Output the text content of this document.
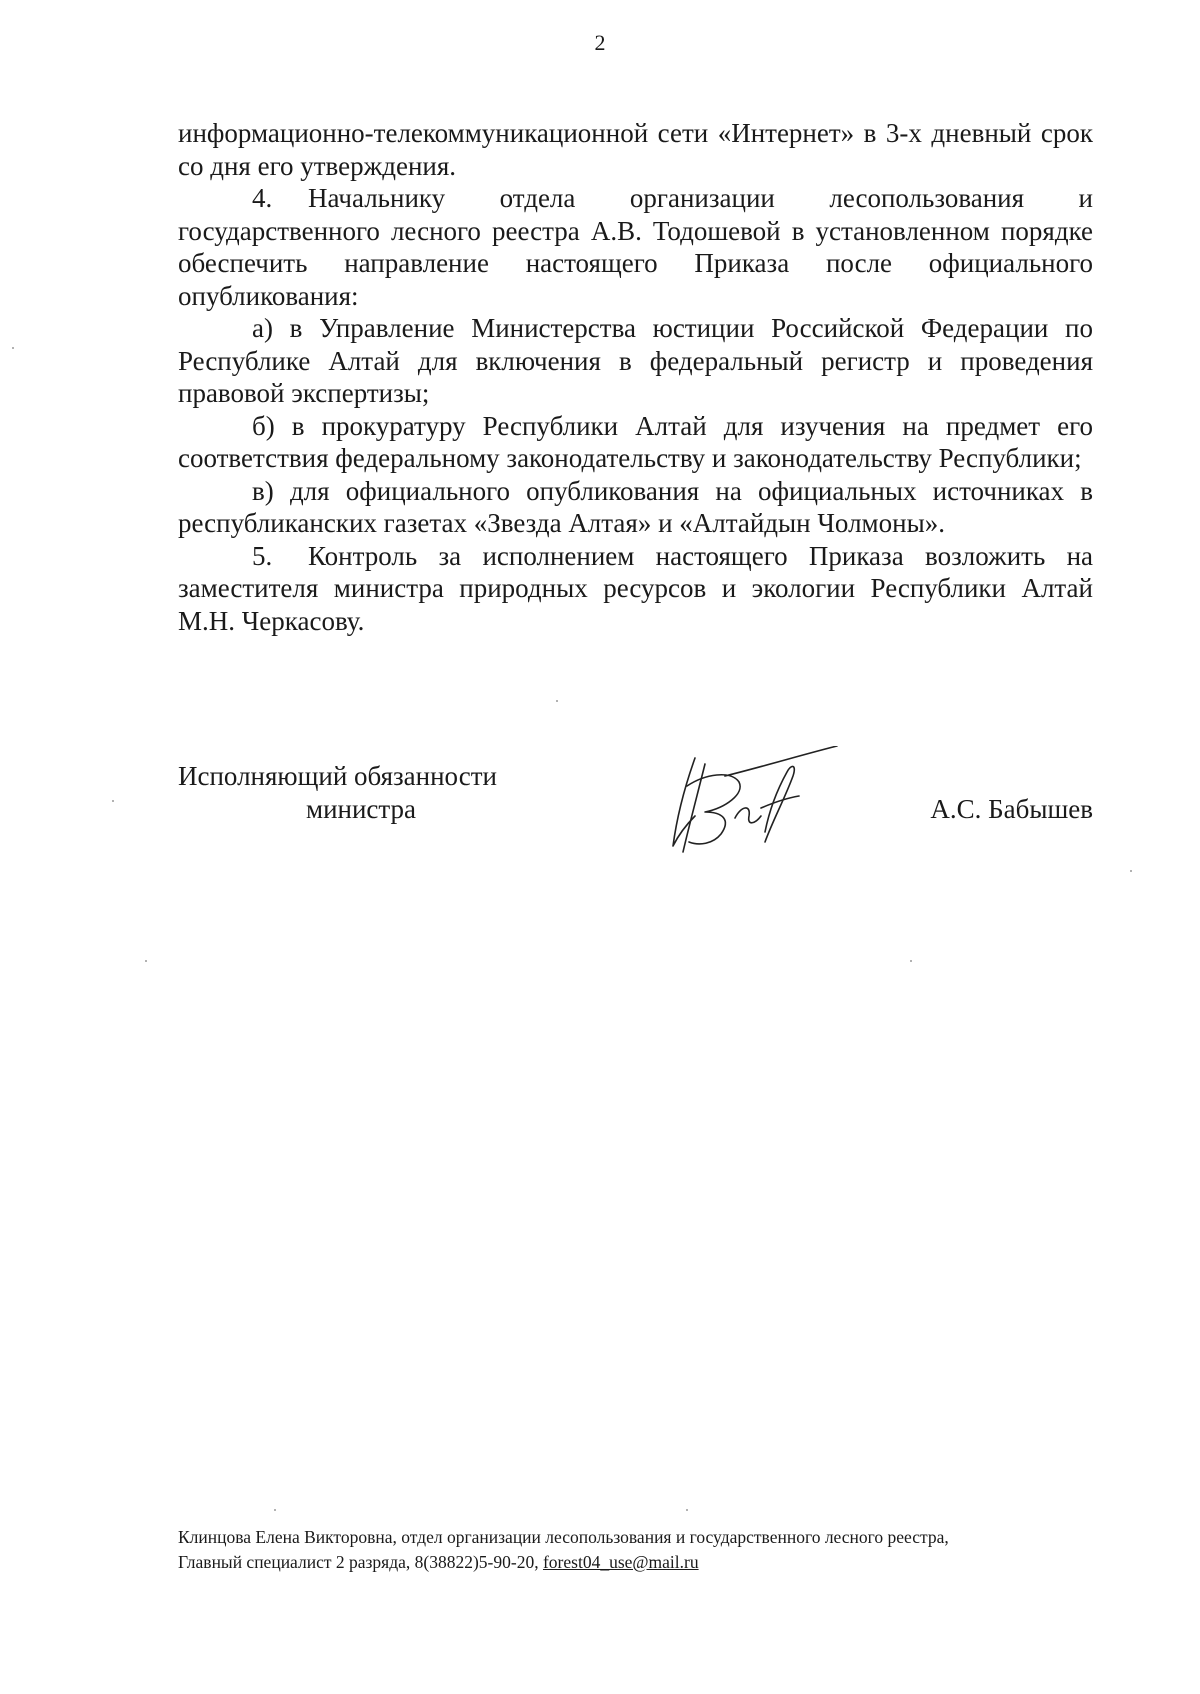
2

информационно-телекоммуникационной сети «Интернет» в 3-х дневный срок со дня его утверждения.

4. Начальнику отдела организации лесопользования и государственного лесного реестра А.В. Тодошевой в установленном порядке обеспечить направление настоящего Приказа после официального опубликования:

а) в Управление Министерства юстиции Российской Федерации по Республике Алтай для включения в федеральный регистр и проведения правовой экспертизы;

б) в прокуратуру Республики Алтай для изучения на предмет его соответствия федеральному законодательству и законодательству Республики;

в) для официального опубликования на официальных источниках в республиканских газетах «Звезда Алтая» и «Алтайдын Чолмоны».

5. Контроль за исполнением настоящего Приказа возложить на заместителя министра природных ресурсов и экологии Республики Алтай М.Н. Черкасову.

Исполняющий обязанности
министра	А.С. Бабышев
Клинцова Елена Викторовна, отдел организации лесопользования и государственного лесного реестра,
Главный специалист 2 разряда, 8(38822)5-90-20, forest04_use@mail.ru
